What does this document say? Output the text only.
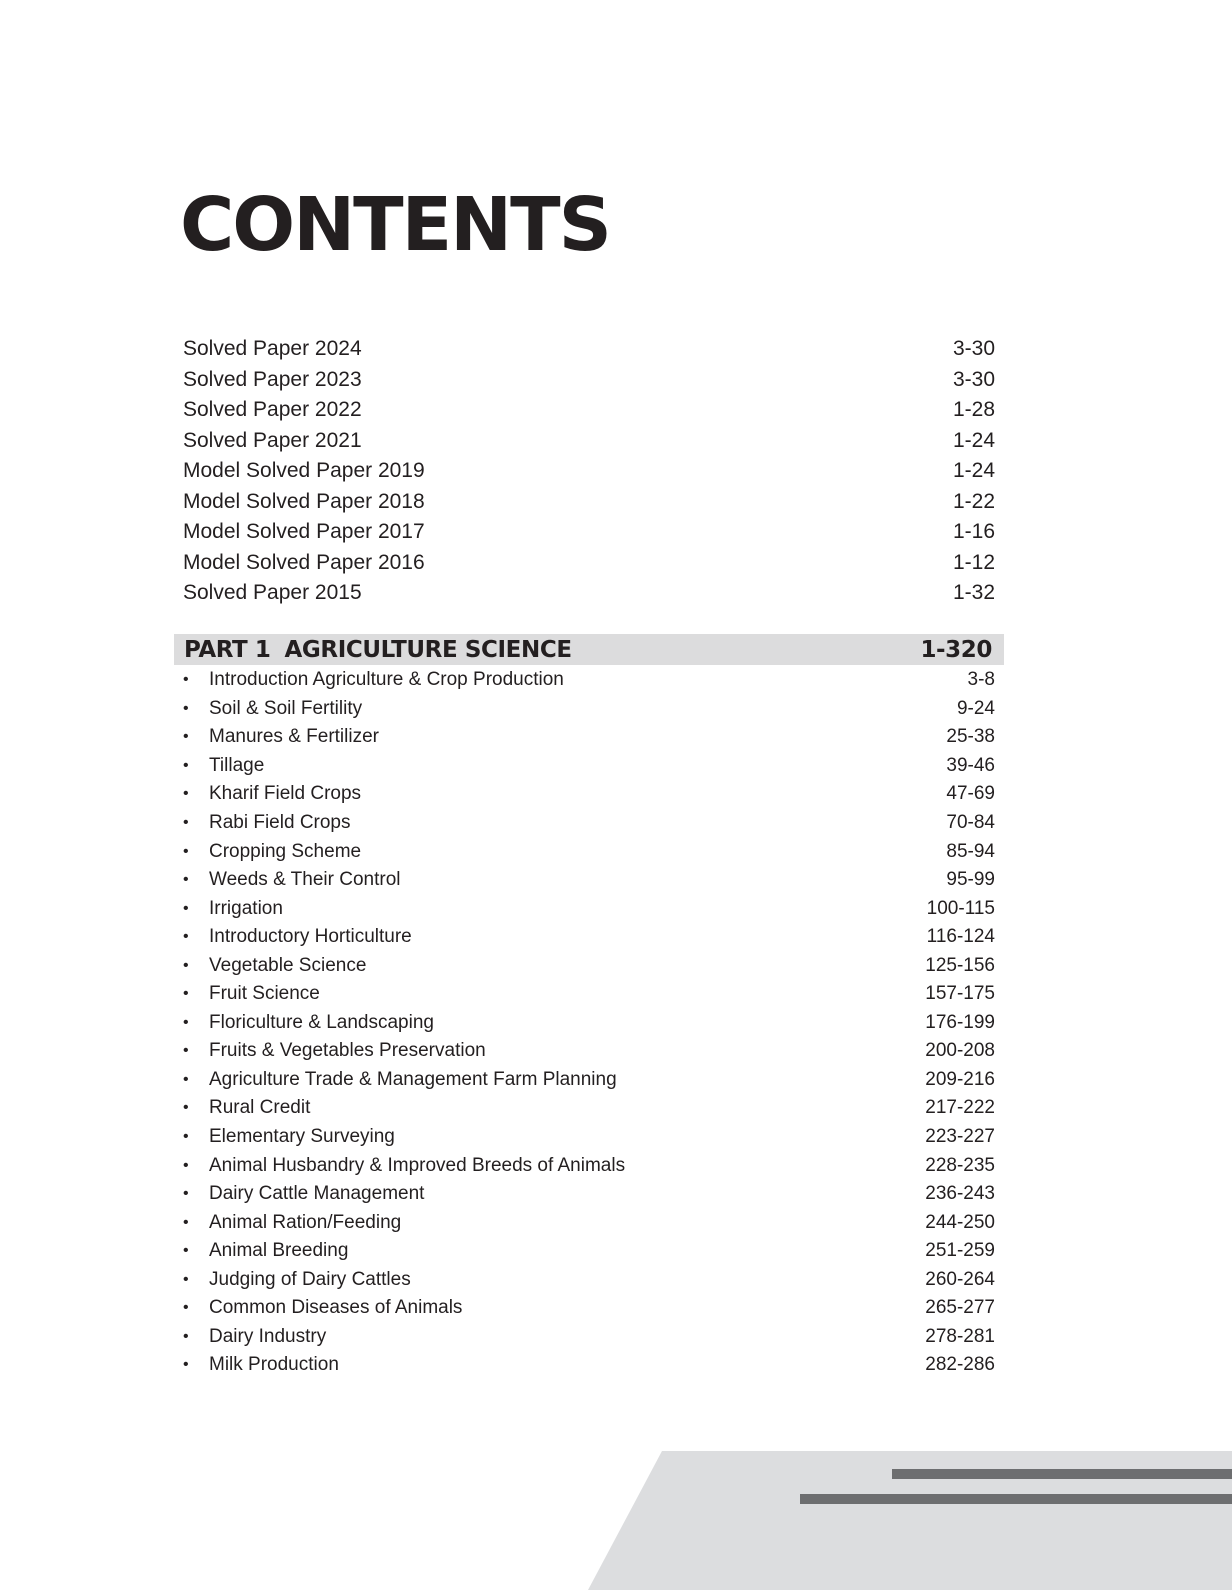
CONTENTS
Solved Paper 2024	3-30
Solved Paper 2023	3-30
Solved Paper 2022	1-28
Solved Paper 2021	1-24
Model Solved Paper 2019	1-24
Model Solved Paper 2018	1-22
Model Solved Paper 2017	1-16
Model Solved Paper 2016	1-12
Solved Paper 2015	1-32
PART 1 AGRICULTURE SCIENCE	1-320
•	Introduction Agriculture & Crop Production	3-8
•	Soil & Soil Fertility	9-24
•	Manures & Fertilizer	25-38
•	Tillage	39-46
•	Kharif Field Crops	47-69
•	Rabi Field Crops	70-84
•	Cropping Scheme	85-94
•	Weeds & Their Control	95-99
•	Irrigation	100-115
•	Introductory Horticulture	116-124
•	Vegetable Science	125-156
•	Fruit Science	157-175
•	Floriculture & Landscaping	176-199
•	Fruits & Vegetables Preservation	200-208
•	Agriculture Trade & Management Farm Planning	209-216
•	Rural Credit	217-222
•	Elementary Surveying	223-227
•	Animal Husbandry & Improved Breeds of Animals	228-235
•	Dairy Cattle Management	236-243
•	Animal Ration/Feeding	244-250
•	Animal Breeding	251-259
•	Judging of Dairy Cattles	260-264
•	Common Diseases of Animals	265-277
•	Dairy Industry	278-281
•	Milk Production	282-286
